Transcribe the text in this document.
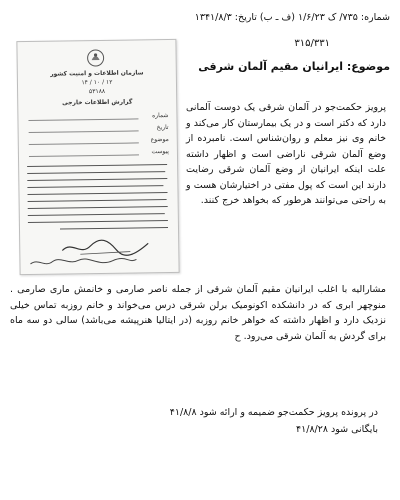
شماره: ۷۳۵/ ک ۱/۶/۲۳ (ف ـ ب) تاریخ: ۱۳۴۱/۸/۳
۳۱۵/۳۳۱
موضوع: ایرانیان مقیم آلمان شرقی
سازمان اطلاعات و امنیت کشور
۱۲ / ۱۰ / ۱۴
۵۳۱۸۸
گزارش اطلاعات خارجی
شماره
تاریخ
موضوع
پیوست

پرویز حکمت‌جو در آلمان شرقی یک دوست آلمانی دارد که دکتر است و در یک بیمارستان کار می‌کند و خانم وی نیز معلم و روان‌شناس است. نامبرده از وضع آلمان شرقی ناراضی است و اظهار داشته علت اینکه ایرانیان از وضع آلمان شرقی رضایت دارند این است که پول مفتی در اختیارشان هست و به راحتی می‌توانند هرطور که بخواهد خرج کنند.

مشارالیه با اغلب ایرانیان مقیم آلمان شرقی از جمله ناصر صارمی و خانمش ماری صارمی . منوچهر ابری که در دانشکده اکونومیک برلن شرقی درس می‌خواند و خانم روزبه تماس خیلی نزدیک دارد و اظهار داشته که خواهر خانم روزبه (در ایتالیا هنرپیشه می‌باشد) سالی دو سه ماه برای گردش به آلمان شرقی می‌رود. ح

در پرونده پرویز حکمت‌جو ضمیمه و ارائه شود ۴۱/۸/۸
بایگانی شود ۴۱/۸/۲۸
